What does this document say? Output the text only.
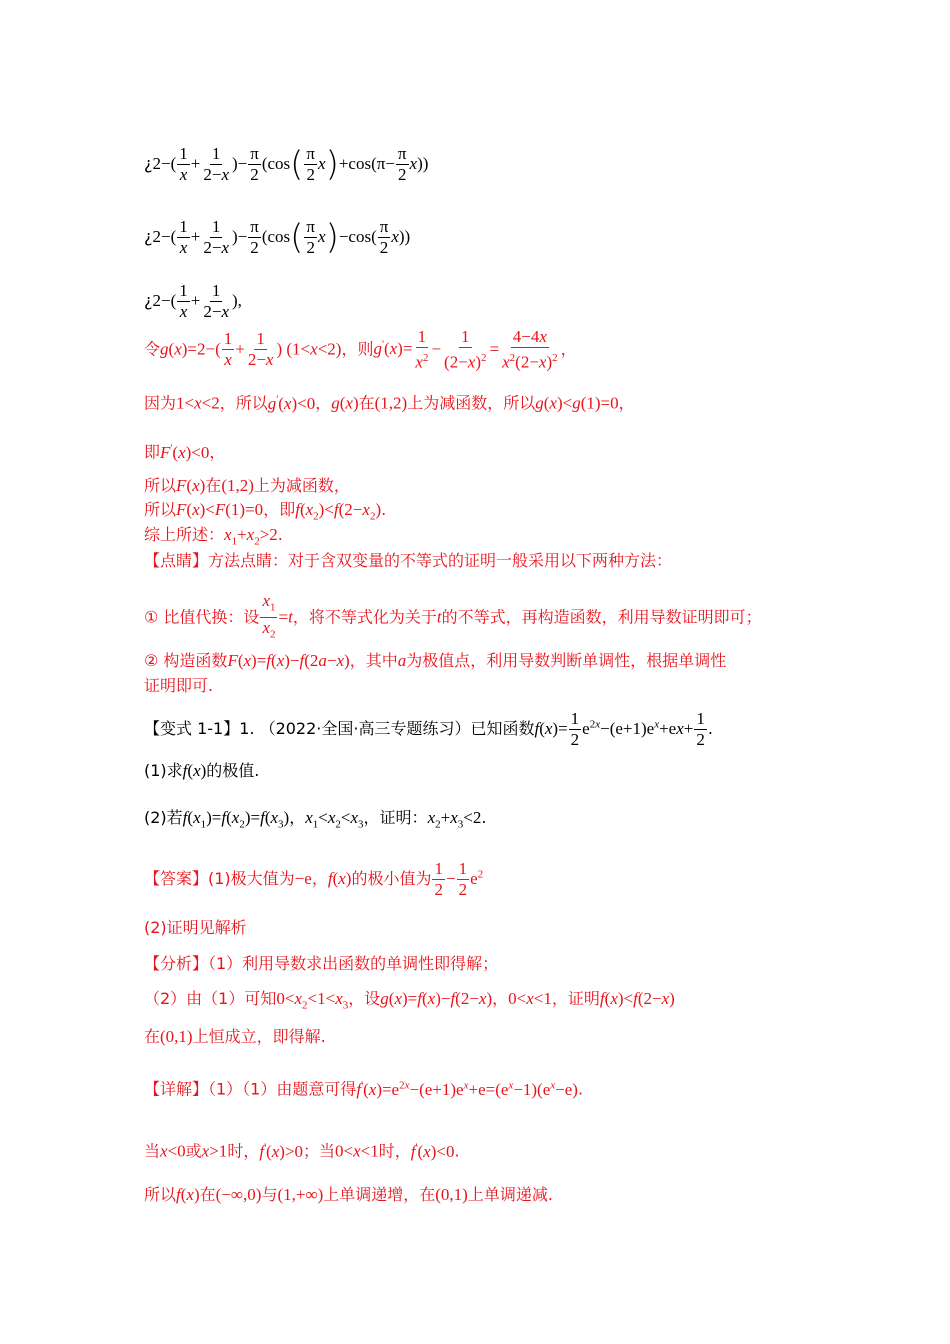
¿$2-( \frac{1}{x} + \frac{1}{2-x}$ )− $\frac{\pi}{2} (\cos( \frac{\pi}{2} x)+\cos(\pi- \frac{\pi}{2} x))$
¿$2-( \frac{1}{x} + \frac{1}{2-x}$ )− $\frac{\pi}{2} (\cos( \frac{\pi}{2} x)-\cos( \frac{\pi}{2} x))$
¿$2-( \frac{1}{x} + \frac{1}{2-x}$ ),
令$g(x)=2-( \frac{1}{x} + \frac{1}{2-x}$ ) (1<x<2)，则$g'(x)= \frac{1}{x^2} - \frac{1}{(2-x)^2} = \frac{4-4x}{x^2(2-x)^2}$ ，
因为1<x<2，所以g'(x)<0，g(x)在(1,2)上为减函数，所以g(x)<g(1)=0，
即F'(x)<0，
所以F(x)在(1,2)上为减函数，
所以F(x)<F(1)=0，即$f(x_2)<f(2-x_2)$.
综上所述：$x_1+x_2>2$.
【点睛】方法点睛：对于含双变量的不等式的证明一般采用以下两种方法：
① 比值代换：设 $\frac{x_1}{x_2} =t$，将不等式化为关于t的不等式，再构造函数，利用导数证明即可；
② 构造函数F(x)=f(x)−f(2a−x)，其中a为极值点，利用导数判断单调性，根据单调性
证明即可.
【变式 1-1】1. （2022·全国·高三专题练习）已知函数$f(x)= \frac{1}{2} e^{2x}-(e+1)e^x+ex+ \frac{1}{2}$ .
(1)求f(x)的极值.
(2)若$f(x_1)=f(x_2)=f(x_3)$，$x_1<x_2<x_3$，证明：$x_2+x_3<2$.
【答案】(1)极大值为−e，f(x)的极小值为 $\frac{1}{2} - \frac{1}{2} e^2$
(2)证明见解析
【分析】（1）利用导数求出函数的单调性即得解；
（2）由（1）可知$0<x_2<1<x_3$，设g(x)=f(x)−f(2−x)，0<x<1，证明f(x)<f(2−x)
在(0,1)上恒成立，即得解.
【详解】（1）（1）由题意可得$f'(x)=e^{2x}-(e+1)e^x+e=(e^x-1)(e^x-e)$.
当x<0或x>1时，f'(x)>0；当0<x<1时，f'(x)<0.
所以f(x)在(−∞,0)与(1,+∞)上单调递增，在(0,1)上单调递减.
